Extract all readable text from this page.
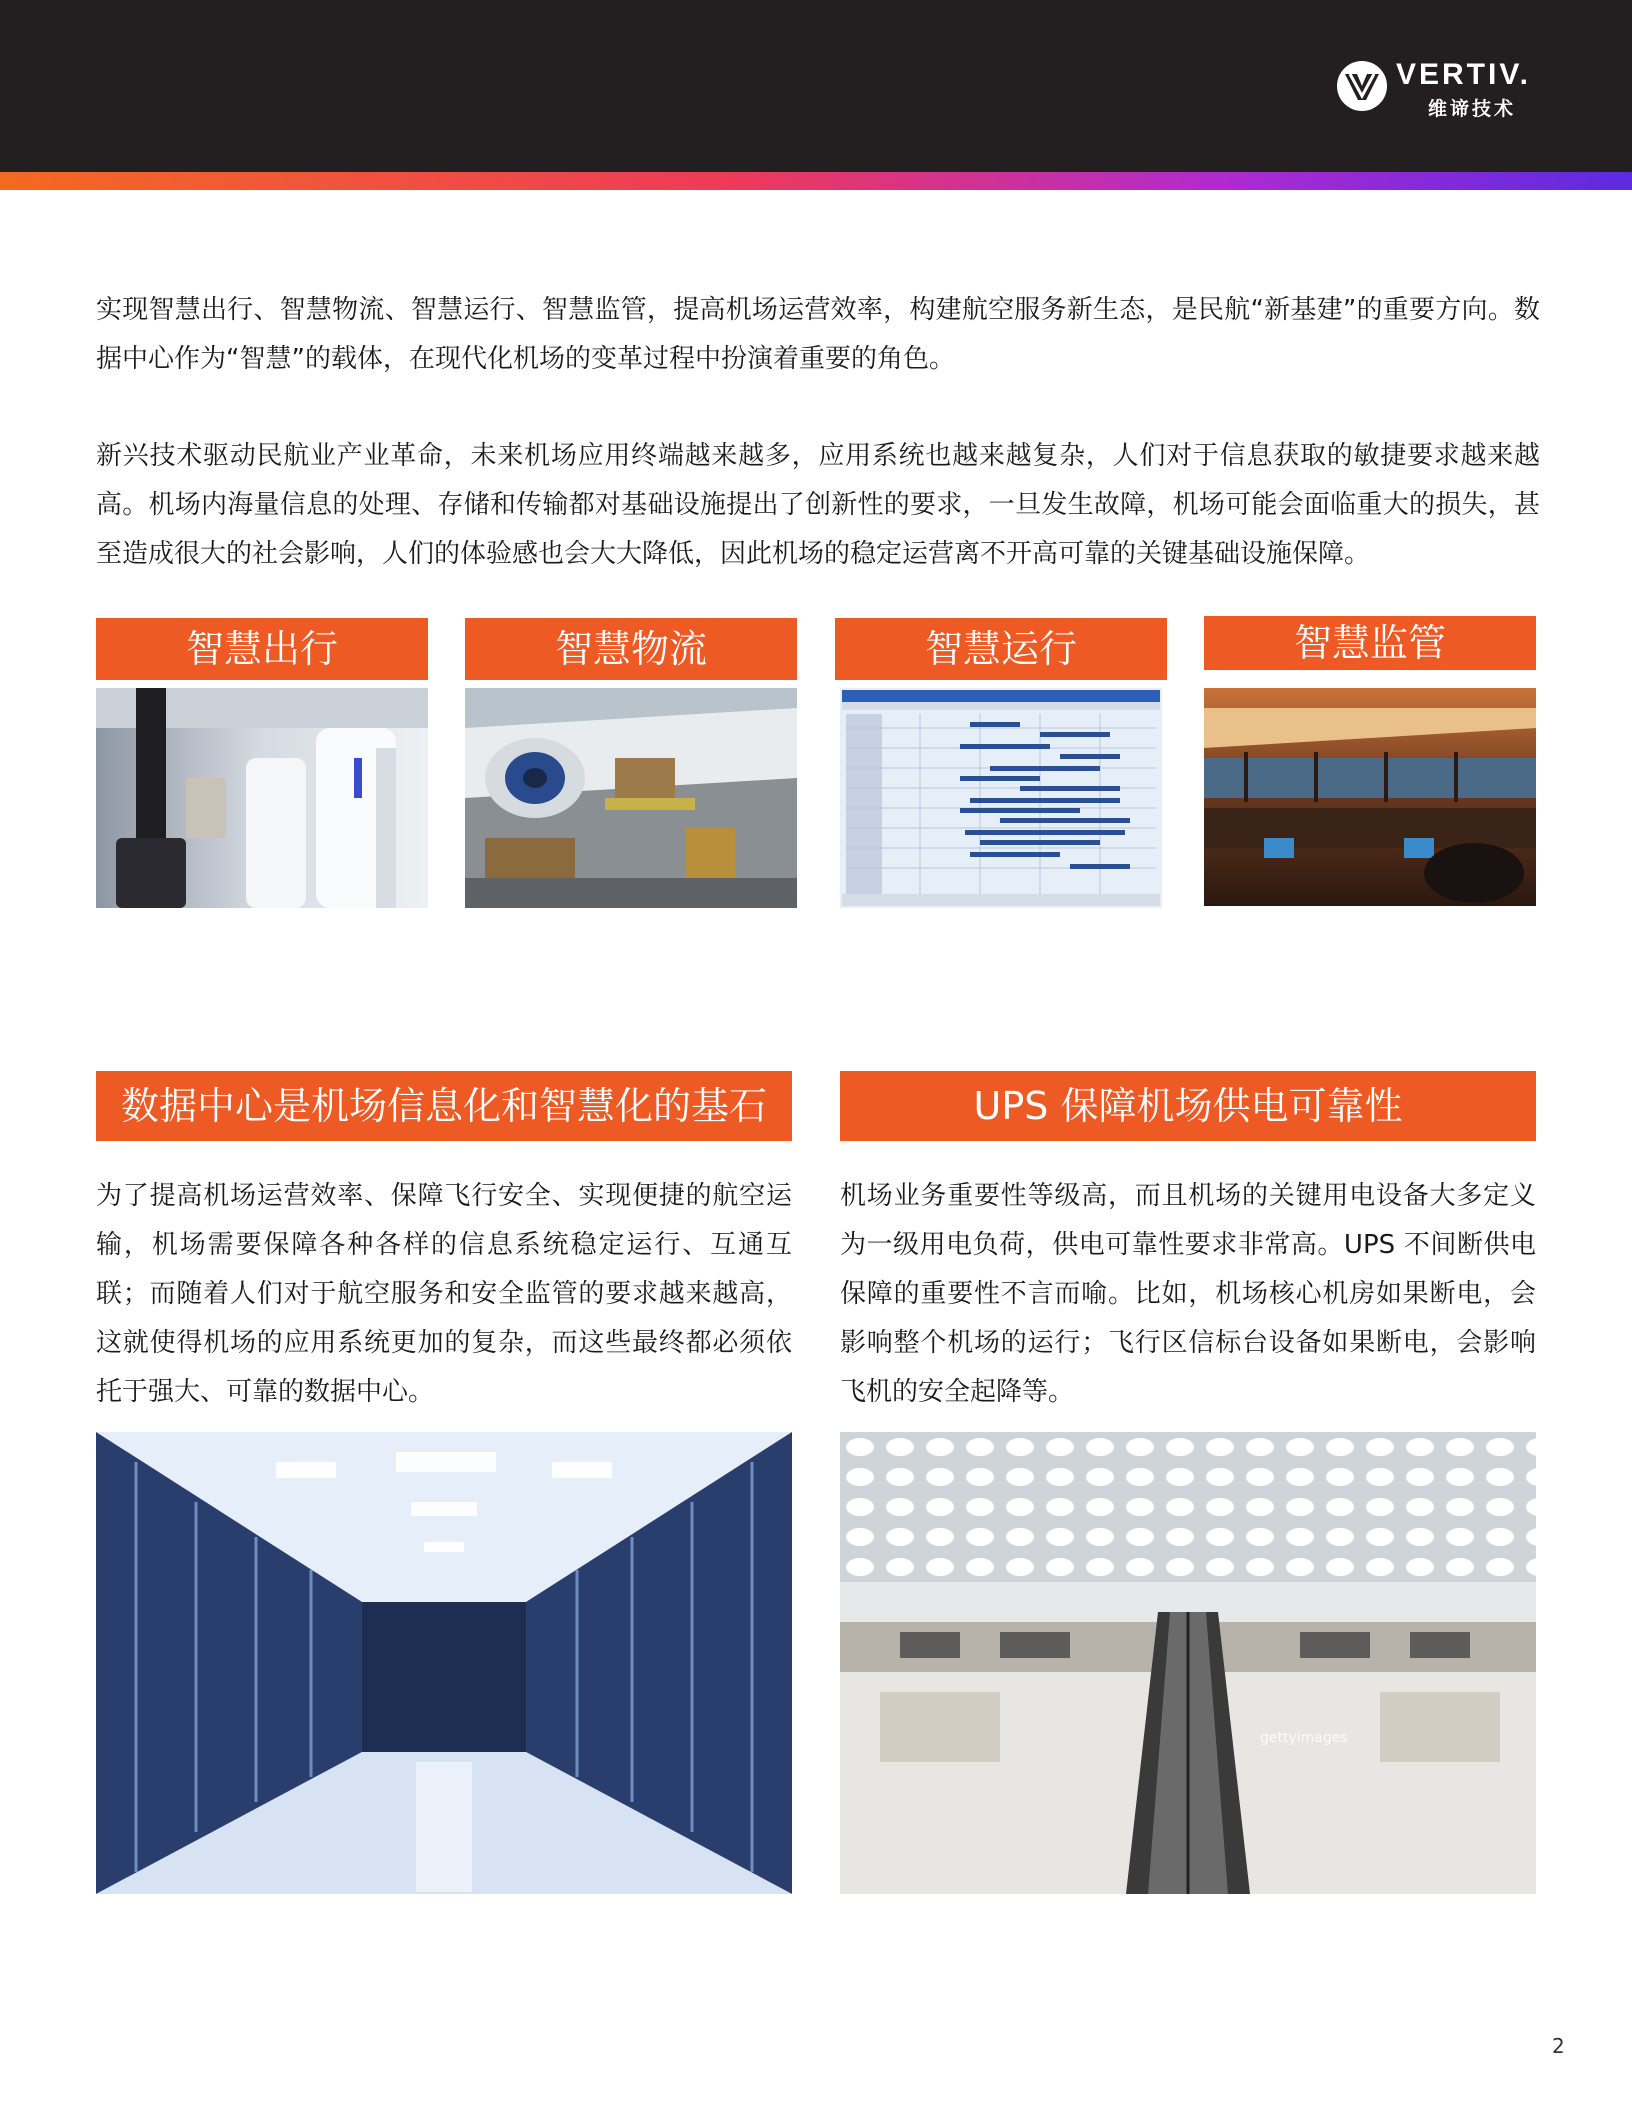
VERTIV.
维谛技术

实现智慧出行、智慧物流、智慧运行、智慧监管，提高机场运营效率，构建航空服务新生态，是民航“新基建”的重要方向。数据中心作为“智慧”的载体，在现代化机场的变革过程中扮演着重要的角色。

新兴技术驱动民航业产业革命，未来机场应用终端越来越多，应用系统也越来越复杂，人们对于信息获取的敏捷要求越来越高。机场内海量信息的处理、存储和传输都对基础设施提出了创新性的要求，一旦发生故障，机场可能会面临重大的损失，甚至造成很大的社会影响，人们的体验感也会大大降低，因此机场的稳定运营离不开高可靠的关键基础设施保障。

智慧出行	智慧物流	智慧运行	智慧监管
数据中心是机场信息化和智慧化的基石

为了提高机场运营效率、保障飞行安全、实现便捷的航空运输，机场需要保障各种各样的信息系统稳定运行、互通互联；而随着人们对于航空服务和安全监管的要求越来越高，这就使得机场的应用系统更加的复杂，而这些最终都必须依托于强大、可靠的数据中心。

UPS 保障机场供电可靠性

机场业务重要性等级高，而且机场的关键用电设备大多定义为一级用电负荷，供电可靠性要求非常高。UPS 不间断供电保障的重要性不言而喻。比如，机场核心机房如果断电，会影响整个机场的运行；飞行区信标台设备如果断电，会影响飞机的安全起降等。

gettyimages
2
